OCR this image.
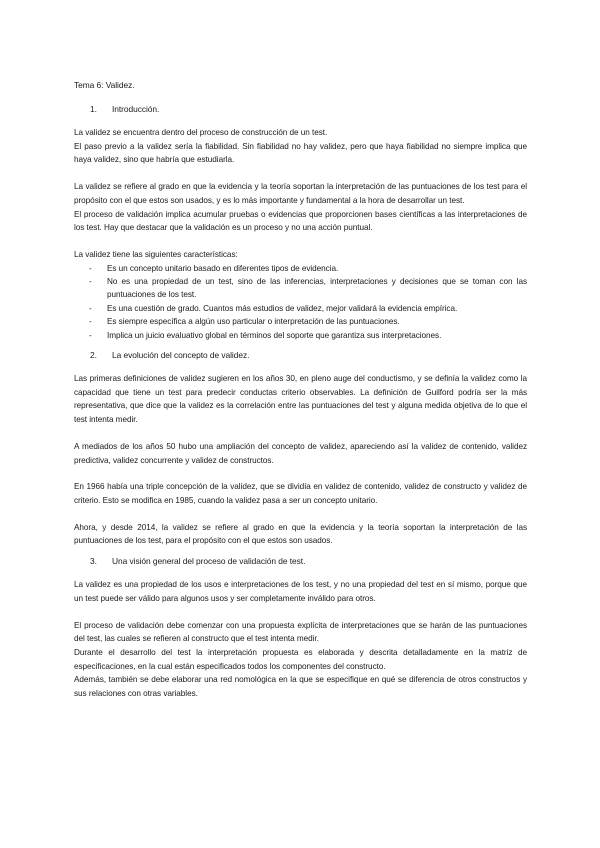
Tema 6: Validez.
1. Introducción.

La validez se encuentra dentro del proceso de construcción de un test.

El paso previo a la validez sería la fiabilidad. Sin fiabilidad no hay validez, pero que haya fiabilidad no siempre implica que haya validez, sino que habría que estudiarla.

La validez se refiere al grado en que la evidencia y la teoría soportan la interpretación de las puntuaciones de los test para el propósito con el que estos son usados, y es lo más importante y fundamental a la hora de desarrollar un test.

El proceso de validación implica acumular pruebas o evidencias que proporcionen bases científicas a las interpretaciones de los test. Hay que destacar que la validación es un proceso y no una acción puntual.

La validez tiene las siguientes características:

- Es un concepto unitario basado en diferentes tipos de evidencia.
- No es una propiedad de un test, sino de las inferencias, interpretaciones y decisiones que se toman con las puntuaciones de los test.
- Es una cuestión de grado. Cuantos más estudios de validez, mejor validará la evidencia empírica.
- Es siempre específica a algún uso particular o interpretación de las puntuaciones.
- Implica un juicio evaluativo global en términos del soporte que garantiza sus interpretaciones.
2. La evolución del concepto de validez.

Las primeras definiciones de validez sugieren en los años 30, en pleno auge del conductismo, y se definía la validez como la capacidad que tiene un test para predecir conductas criterio observables. La definición de Guilford podría ser la más representativa, que dice que la validez es la correlación entre las puntuaciones del test y alguna medida objetiva de lo que el test intenta medir.

A mediados de los años 50 hubo una ampliación del concepto de validez, apareciendo así la validez de contenido, validez predictiva, validez concurrente y validez de constructos.

En 1966 había una triple concepción de la validez, que se dividía en validez de contenido, validez de constructo y validez de criterio. Esto se modifica en 1985, cuando la validez pasa a ser un concepto unitario.

Ahora, y desde 2014, la validez se refiere al grado en que la evidencia y la teoría soportan la interpretación de las puntuaciones de los test, para el propósito con el que estos son usados.

3. Una visión general del proceso de validación de test.

La validez es una propiedad de los usos e interpretaciones de los test, y no una propiedad del test en sí mismo, porque que un test puede ser válido para algunos usos y ser completamente inválido para otros.

El proceso de validación debe comenzar con una propuesta explícita de interpretaciones que se harán de las puntuaciones del test, las cuales se refieren al constructo que el test intenta medir.

Durante el desarrollo del test la interpretación propuesta es elaborada y descrita detalladamente en la matriz de especificaciones, en la cual están especificados todos los componentes del constructo.

Además, también se debe elaborar una red nomológica en la que se especifique en qué se diferencia de otros constructos y sus relaciones con otras variables.
